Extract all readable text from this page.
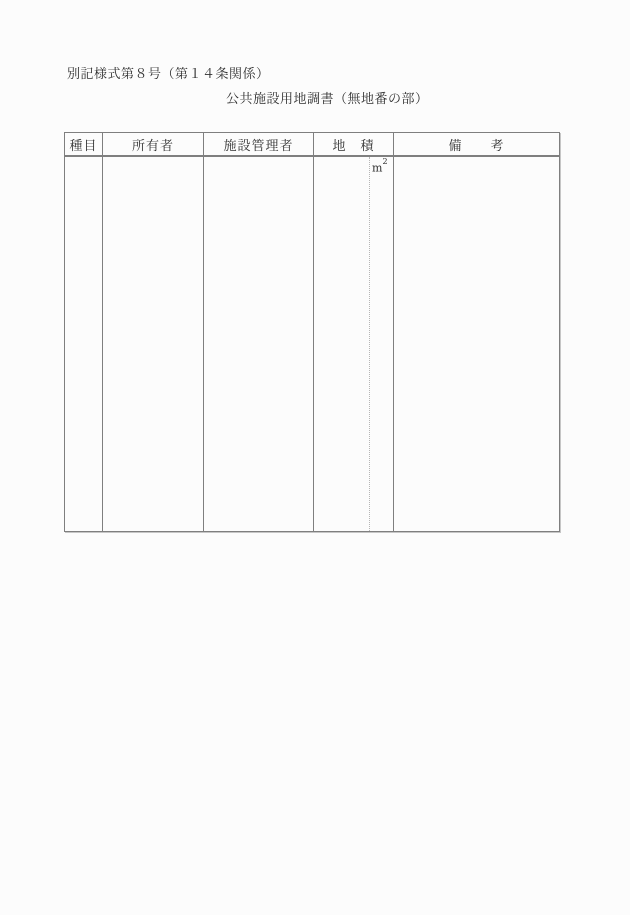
別記様式第８号（第１４条関係）
公共施設用地調書（無地番の部）
種目	所有者	施設管理者	地　積	備　　考

			$m^2$
